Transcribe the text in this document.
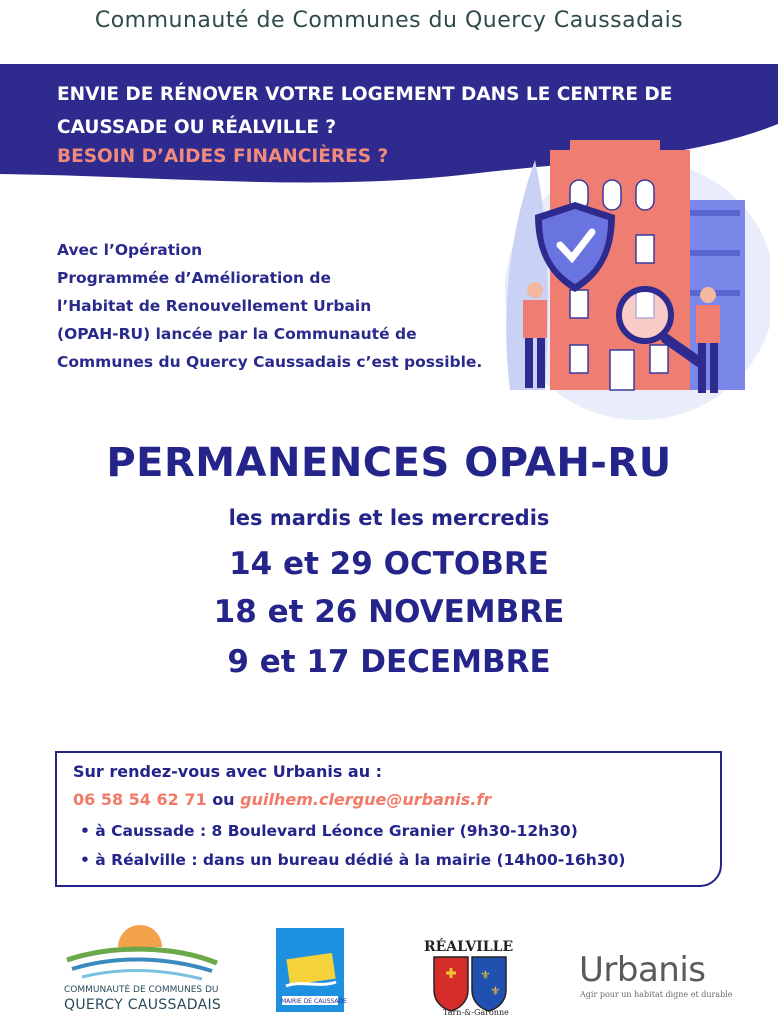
Communauté de Communes du Quercy Caussadais
ENVIE DE RÉNOVER VOTRE LOGEMENT DANS LE CENTRE DE
CAUSSADE OU RÉALVILLE ?
BESOIN D’AIDES FINANCIÈRES ?
Avec l’Opération
Programmée d’Amélioration de
l’Habitat de Renouvellement Urbain
(OPAH-RU) lancée par la Communauté de
Communes du Quercy Caussadais c’est possible.
PERMANENCES OPAH-RU
les mardis et les mercredis
14 et 29 OCTOBRE
18 et 26 NOVEMBRE
9 et 17 DECEMBRE
Sur rendez-vous avec Urbanis au :
06 58 54 62 71 ou guilhem.clergue@urbanis.fr
• à Caussade : 8 Boulevard Léonce Granier (9h30-12h30)
• à Réalville : dans un bureau dédié à la mairie (14h00-16h30)
COMMUNAUTÉ DE COMMUNES DU
QUERCY CAUSSADAIS	MAIRIE DE CAUSSADE
⚜
⚜
RÉALVILLE
Tarn-&-Garonne
Urbanis
Agir pour un habitat digne et durable
